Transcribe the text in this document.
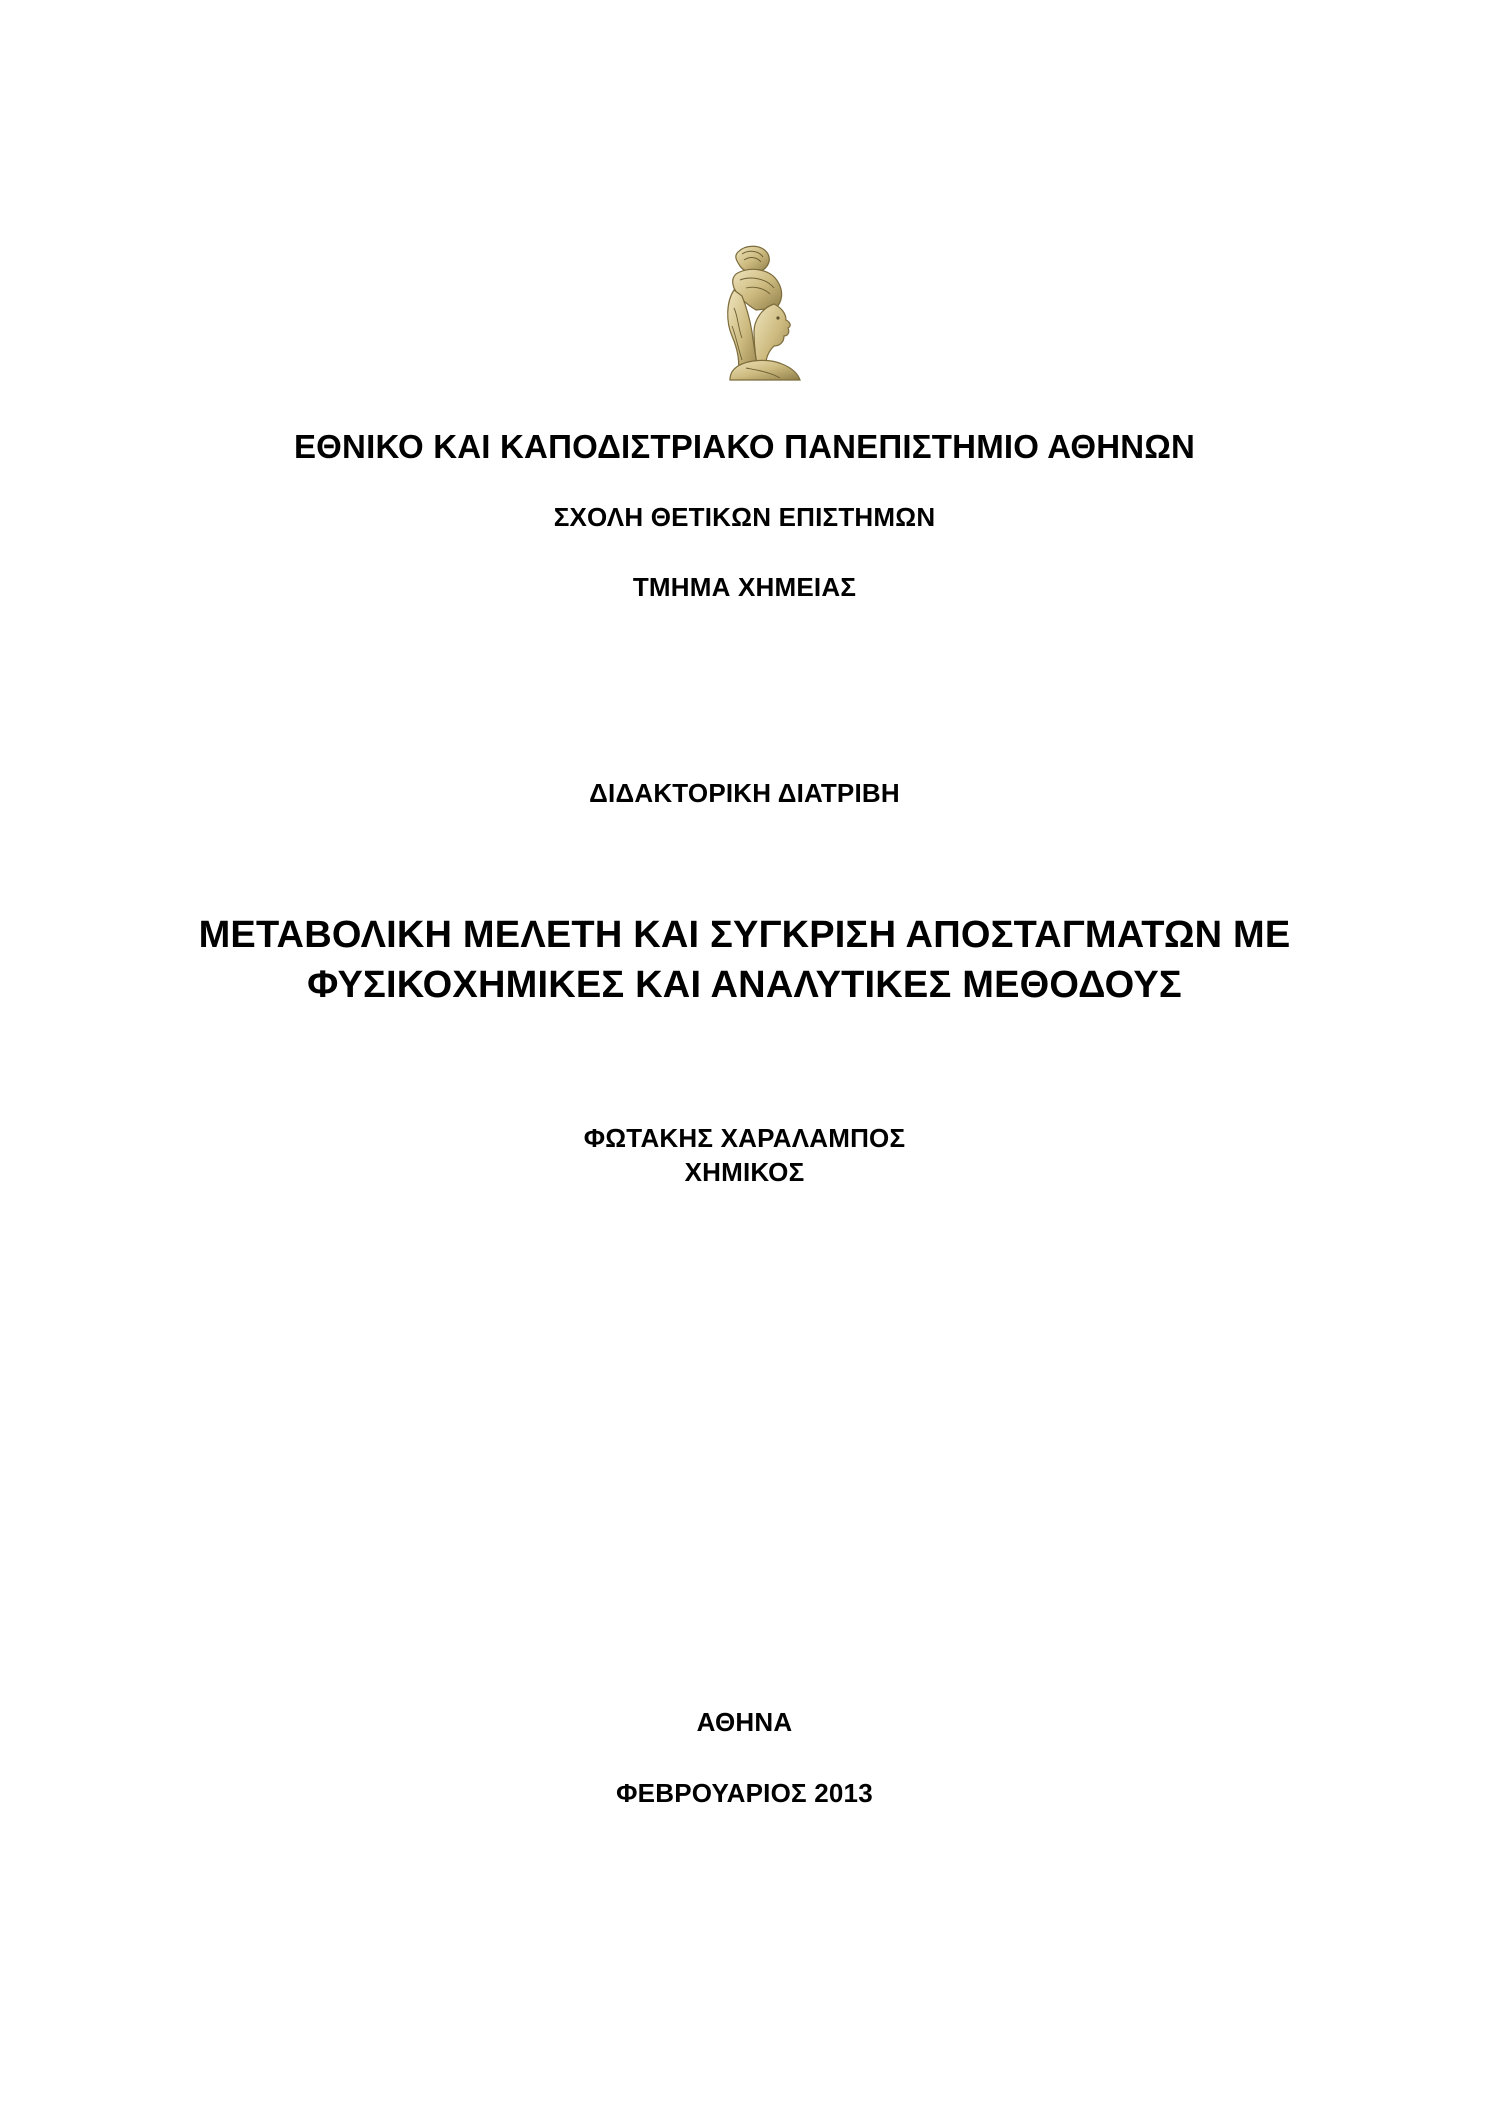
ΕΘΝΙΚΟ ΚΑΙ ΚΑΠΟΔΙΣΤΡΙΑΚΟ ΠΑΝΕΠΙΣΤΗΜΙΟ ΑΘΗΝΩΝ
ΣΧΟΛΗ ΘΕΤΙΚΩΝ ΕΠΙΣΤΗΜΩΝ
ΤΜΗΜΑ ΧΗΜΕΙΑΣ
ΔΙΔΑΚΤΟΡΙΚΗ ΔΙΑΤΡΙΒΗ
ΜΕΤΑΒΟΛΙΚΗ ΜΕΛΕΤΗ ΚΑΙ ΣΥΓΚΡΙΣΗ ΑΠΟΣΤΑΓΜΑΤΩΝ ΜΕ
ΦΥΣΙΚΟΧΗΜΙΚΕΣ ΚΑΙ ΑΝΑΛΥΤΙΚΕΣ ΜΕΘΟΔΟΥΣ
ΦΩΤΑΚΗΣ ΧΑΡΑΛΑΜΠΟΣ
ΧΗΜΙΚΟΣ
ΑΘΗΝΑ
ΦΕΒΡΟΥΑΡΙΟΣ 2013
